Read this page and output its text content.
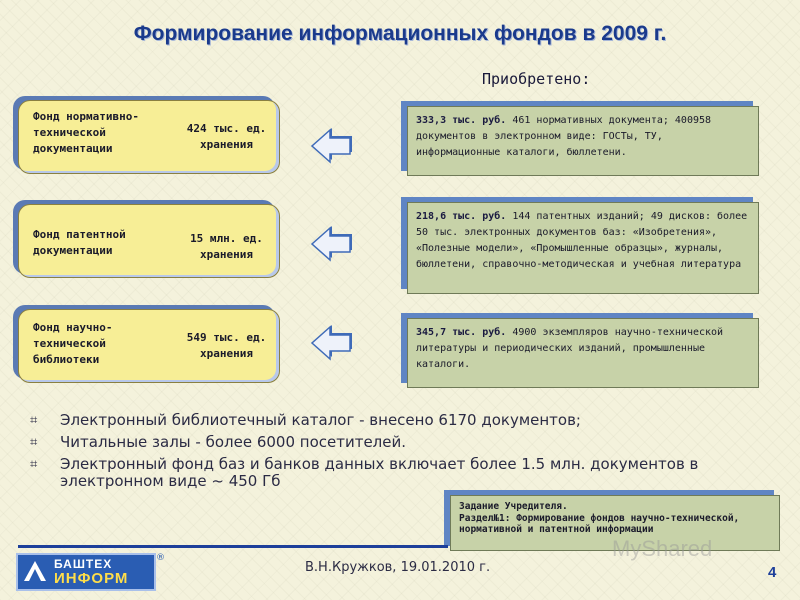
Формирование информационных фондов в 2009 г.
Приобретено:
Фонд нормативно-технической документации
424 тыс. ед. хранения
Фонд патентной документации
15 млн. ед. хранения
Фонд научно-технической библиотеки
549 тыс. ед. хранения
333,3 тыс. руб. 461 нормативных документа; 400958 документов в электронном виде: ГОСТы, ТУ, информационные каталоги, бюллетени.
218,6 тыс. руб. 144 патентных изданий; 49 дисков: более 50 тыс. электронных документов баз: «Изобретения», «Полезные модели», «Промышленные образцы», журналы, бюллетени, справочно-методическая и учебная литература
345,7 тыс. руб. 4900 экземпляров научно-технической литературы и периодических изданий, промышленные каталоги.
⌗ Электронный библиотечный каталог - внесено 6170 документов;
⌗ Читальные залы - более 6000 посетителей.
⌗ Электронный фонд баз и банков данных включает более 1.5 млн. документов в электронном виде ~ 450 Гб
Задание Учредителя.
Раздел№1: Формирование фондов научно-технической, нормативной и патентной информации
MyShared
БАШТЕХ
ИНФОРМ
®
В.Н.Кружков, 19.01.2010 г.	4
